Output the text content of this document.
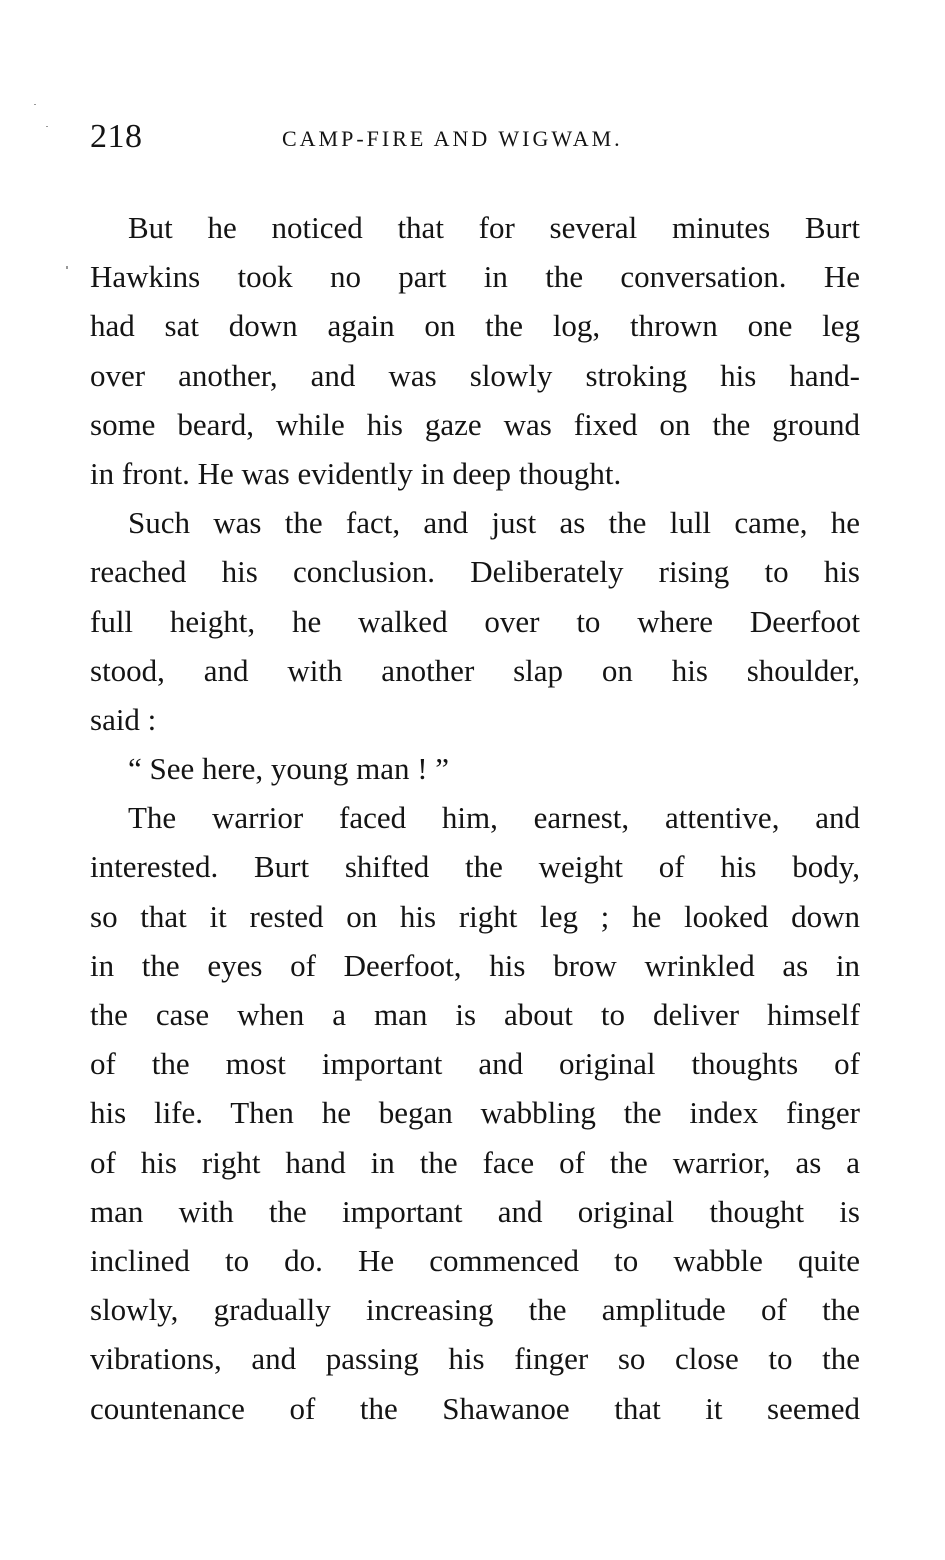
218	CAMP-FIRE AND WIGWAM.
But he noticed that for several minutes Burt
Hawkins took no part in the conversation. He
had sat down again on the log, thrown one leg
over another, and was slowly stroking his hand-
some beard, while his gaze was fixed on the ground
in front. He was evidently in deep thought.
Such was the fact, and just as the lull came, he
reached his conclusion. Deliberately rising to his
full height, he walked over to where Deerfoot
stood, and with another slap on his shoulder,
said :
“ See here, young man ! ”
The warrior faced him, earnest, attentive, and
interested. Burt shifted the weight of his body,
so that it rested on his right leg ; he looked down
in the eyes of Deerfoot, his brow wrinkled as in
the case when a man is about to deliver himself
of the most important and original thoughts of
his life. Then he began wabbling the index finger
of his right hand in the face of the warrior, as a
man with the important and original thought is
inclined to do. He commenced to wabble quite
slowly, gradually increasing the amplitude of the
vibrations, and passing his finger so close to the
countenance of the Shawanoe that it seemed
